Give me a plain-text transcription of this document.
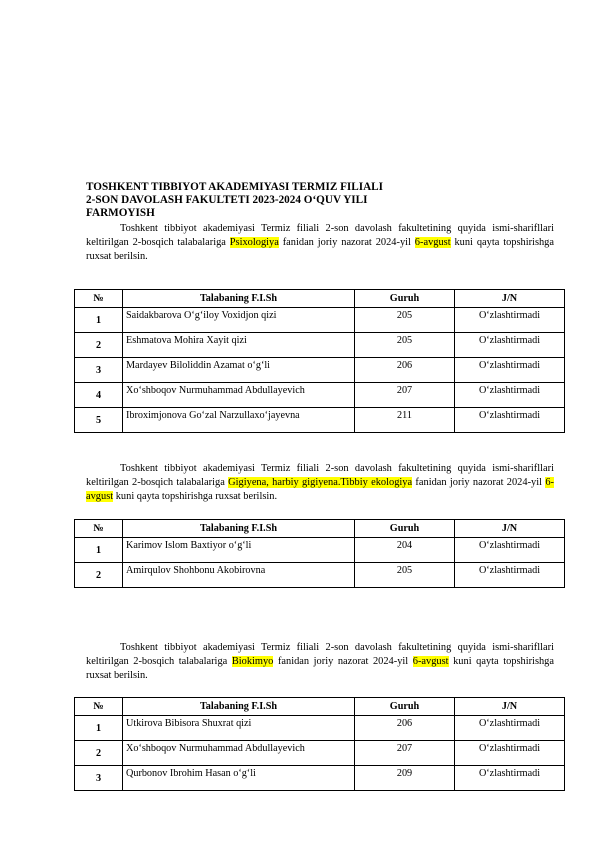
TOSHKENT TIBBIYOT AKADEMIYASI TERMIZ FILIALI
2-SON DAVOLASH FAKULTETI 2023-2024 O‘QUV YILI
FARMOYISH

Toshkent tibbiyot akademiyasi Termiz filiali 2-son davolash fakultetining quyida ismi-sharifllari keltirilgan 2-bosqich talabalariga Psixologiya fanidan joriy nazorat 2024-yil 6-avgust kuni qayta topshirishga ruxsat berilsin.

№	Talabaning F.I.Sh	Guruh	J/N
1	Saidakbarova O‘g‘iloy Voxidjon qizi	205	O‘zlashtirmadi
2	Eshmatova Mohira Xayit qizi	205	O‘zlashtirmadi
3	Mardayev Biloliddin Azamat o‘g‘li	206	O‘zlashtirmadi
4	Xo‘shboqov Nurmuhammad Abdullayevich	207	O‘zlashtirmadi
5	Ibroximjonova Go‘zal Narzullaxo‘jayevna	211	O‘zlashtirmadi

Toshkent tibbiyot akademiyasi Termiz filiali 2-son davolash fakultetining quyida ismi-sharifllari keltirilgan 2-bosqich talabalariga Gigiyena, harbiy gigiyena.Tibbiy ekologiya fanidan joriy nazorat 2024-yil 6-avgust kuni qayta topshirishga ruxsat berilsin.

№	Talabaning F.I.Sh	Guruh	J/N
1	Karimov Islom Baxtiyor o‘g‘li	204	O‘zlashtirmadi
2	Amirqulov Shohbonu Akobirovna	205	O‘zlashtirmadi

Toshkent tibbiyot akademiyasi Termiz filiali 2-son davolash fakultetining quyida ismi-sharifllari keltirilgan 2-bosqich talabalariga Biokimyo fanidan joriy nazorat 2024-yil 6-avgust kuni qayta topshirishga ruxsat berilsin.

№	Talabaning F.I.Sh	Guruh	J/N
1	Utkirova Bibisora Shuxrat qizi	206	O‘zlashtirmadi
2	Xo‘shboqov Nurmuhammad Abdullayevich	207	O‘zlashtirmadi
3	Qurbonov Ibrohim Hasan o‘g‘li	209	O‘zlashtirmadi
